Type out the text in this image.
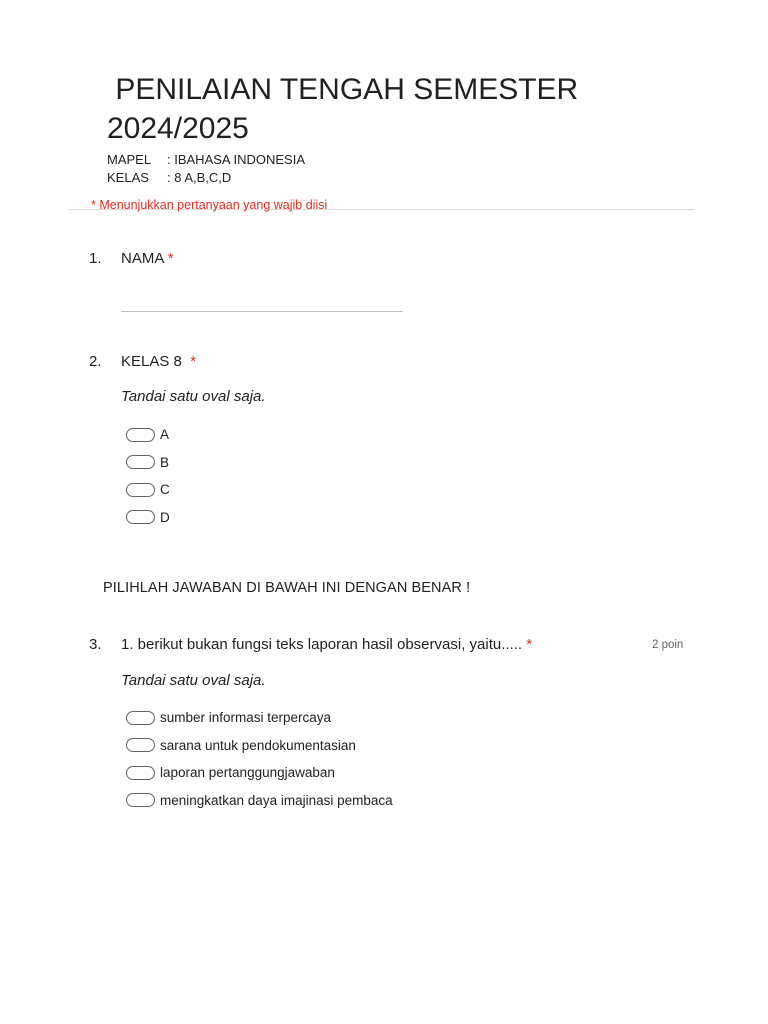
PENILAIAN TENGAH SEMESTER
2024/2025
MAPEL	: IBAHASA INDONESIA
KELAS	: 8 A,B,C,D
* Menunjukkan pertanyaan yang wajib diisi
1. NAMA *
2. KELAS 8 *
Tandai satu oval saja.
A
B
C
D
PILIHLAH JAWABAN DI BAWAH INI DENGAN BENAR !
3. 1. berikut bukan fungsi teks laporan hasil observasi, yaitu..... *	2 poin
Tandai satu oval saja.
sumber informasi terpercaya
sarana untuk pendokumentasian
laporan pertanggungjawaban
meningkatkan daya imajinasi pembaca
